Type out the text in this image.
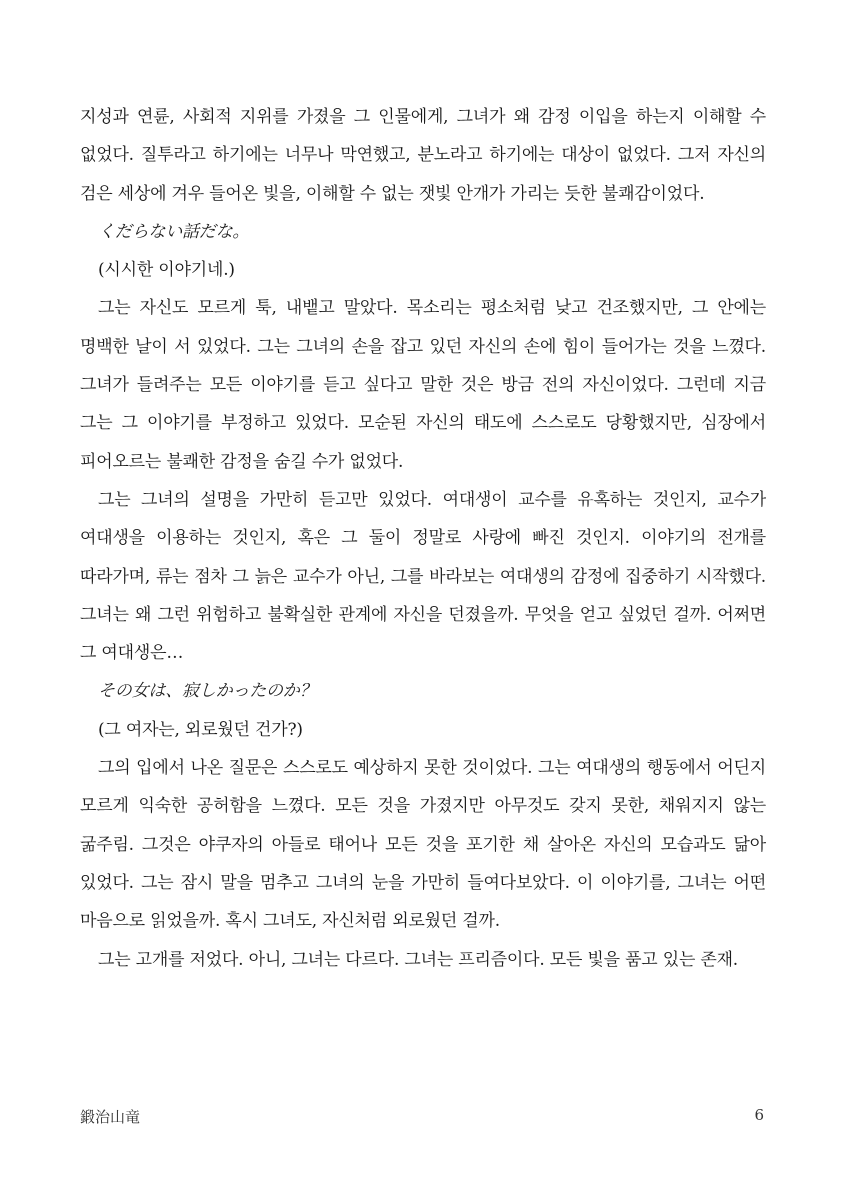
지성과 연륜, 사회적 지위를 가졌을 그 인물에게, 그녀가 왜 감정 이입을 하는지 이해할 수 없었다. 질투라고 하기에는 너무나 막연했고, 분노라고 하기에는 대상이 없었다. 그저 자신의 검은 세상에 겨우 들어온 빛을, 이해할 수 없는 잿빛 안개가 가리는 듯한 불쾌감이었다.

くだらない話だな。

(시시한 이야기네.)

그는 자신도 모르게 툭, 내뱉고 말았다. 목소리는 평소처럼 낮고 건조했지만, 그 안에는 명백한 날이 서 있었다. 그는 그녀의 손을 잡고 있던 자신의 손에 힘이 들어가는 것을 느꼈다. 그녀가 들려주는 모든 이야기를 듣고 싶다고 말한 것은 방금 전의 자신이었다. 그런데 지금 그는 그 이야기를 부정하고 있었다. 모순된 자신의 태도에 스스로도 당황했지만, 심장에서 피어오르는 불쾌한 감정을 숨길 수가 없었다.

그는 그녀의 설명을 가만히 듣고만 있었다. 여대생이 교수를 유혹하는 것인지, 교수가 여대생을 이용하는 것인지, 혹은 그 둘이 정말로 사랑에 빠진 것인지. 이야기의 전개를 따라가며, 류는 점차 그 늙은 교수가 아닌, 그를 바라보는 여대생의 감정에 집중하기 시작했다. 그녀는 왜 그런 위험하고 불확실한 관계에 자신을 던졌을까. 무엇을 얻고 싶었던 걸까. 어쩌면 그 여대생은…

その女は、寂しかったのか？

(그 여자는, 외로웠던 건가?)

그의 입에서 나온 질문은 스스로도 예상하지 못한 것이었다. 그는 여대생의 행동에서 어딘지 모르게 익숙한 공허함을 느꼈다. 모든 것을 가졌지만 아무것도 갖지 못한, 채워지지 않는 굶주림. 그것은 야쿠자의 아들로 태어나 모든 것을 포기한 채 살아온 자신의 모습과도 닮아 있었다. 그는 잠시 말을 멈추고 그녀의 눈을 가만히 들여다보았다. 이 이야기를, 그녀는 어떤 마음으로 읽었을까. 혹시 그녀도, 자신처럼 외로웠던 걸까.

그는 고개를 저었다. 아니, 그녀는 다르다. 그녀는 프리즘이다. 모든 빛을 품고 있는 존재.

鍛治山竜	6
